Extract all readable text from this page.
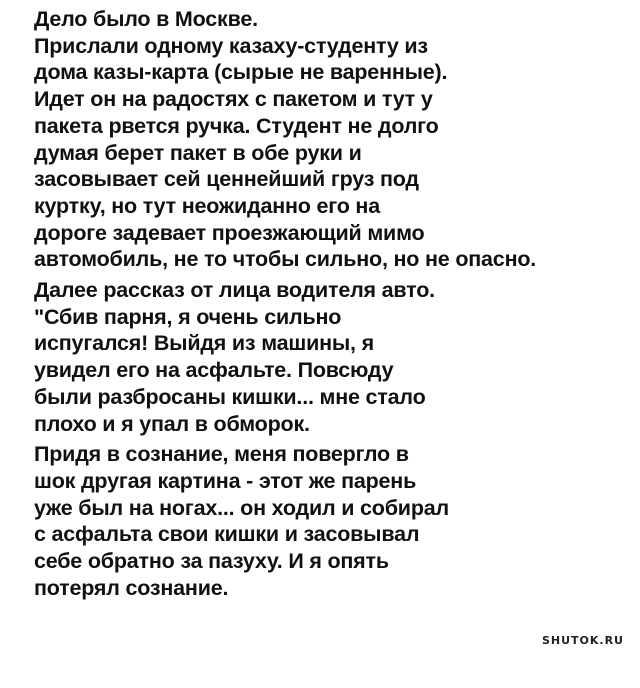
Дело было в Москве.
Прислали одному казаху-студенту из
дома казы-карта (сырые не варенные).
Идет он на радостях с пакетом и тут у
пакета рвется ручка. Студент не долго
думая берет пакет в обе руки и
засовывает сей ценнейший груз под
куртку, но тут неожиданно его на
дороге задевает проезжающий мимо
автомобиль, не то чтобы сильно, но не опасно.
Далее рассказ от лица водителя авто.
"Сбив парня, я очень сильно
испугался! Выйдя из машины, я
увидел его на асфальте. Повсюду
были разбросаны кишки... мне стало
плохо и я упал в обморок.
Придя в сознание, меня повергло в
шок другая картина - этот же парень
уже был на ногах... он ходил и собирал
с асфальта свои кишки и засовывал
себе обратно за пазуху. И я опять
потерял сознание.
SHUTOK.RU
